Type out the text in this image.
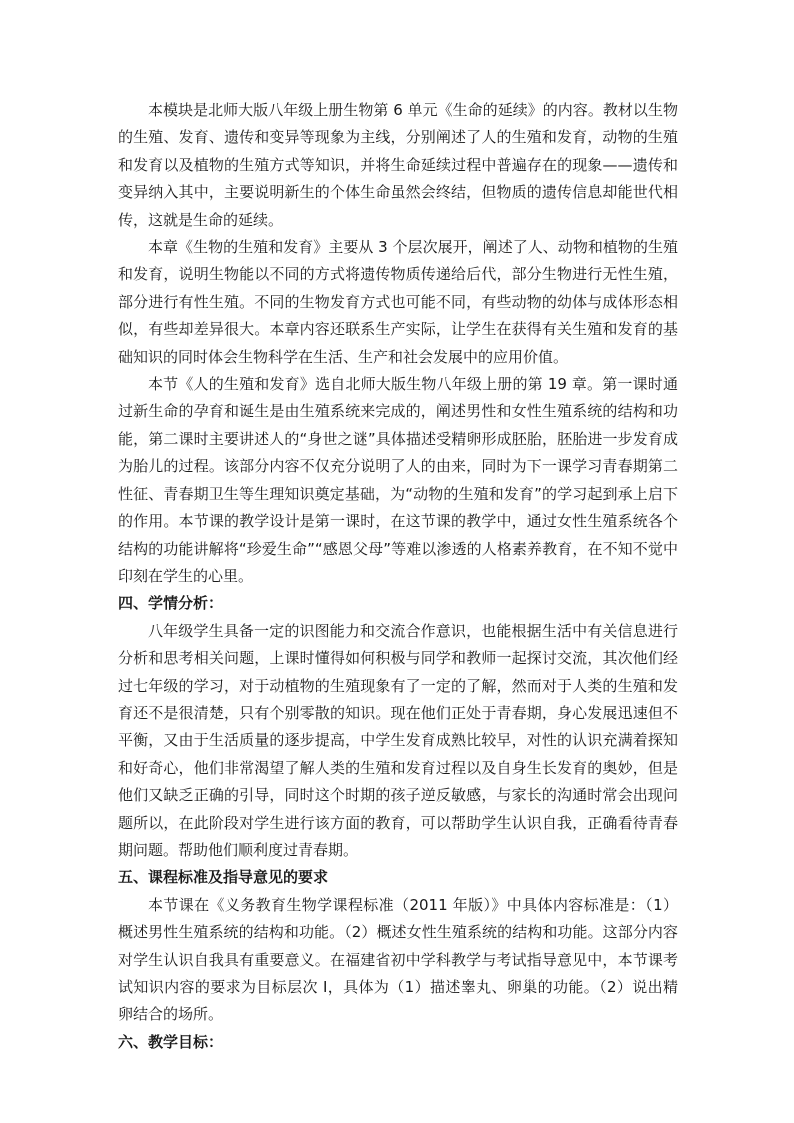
本模块是北师大版八年级上册生物第 6 单元《生命的延续》的内容。教材以生物的生殖、发育、遗传和变异等现象为主线，分别阐述了人的生殖和发育，动物的生殖和发育以及植物的生殖方式等知识，并将生命延续过程中普遍存在的现象——遗传和变异纳入其中，主要说明新生的个体生命虽然会终结，但物质的遗传信息却能世代相传，这就是生命的延续。

本章《生物的生殖和发育》主要从 3 个层次展开，阐述了人、动物和植物的生殖和发育，说明生物能以不同的方式将遗传物质传递给后代，部分生物进行无性生殖，部分进行有性生殖。不同的生物发育方式也可能不同，有些动物的幼体与成体形态相似，有些却差异很大。本章内容还联系生产实际，让学生在获得有关生殖和发育的基础知识的同时体会生物科学在生活、生产和社会发展中的应用价值。

本节《人的生殖和发育》选自北师大版生物八年级上册的第 19 章。第一课时通过新生命的孕育和诞生是由生殖系统来完成的，阐述男性和女性生殖系统的结构和功能，第二课时主要讲述人的“身世之谜”具体描述受精卵形成胚胎，胚胎进一步发育成为胎儿的过程。该部分内容不仅充分说明了人的由来，同时为下一课学习青春期第二性征、青春期卫生等生理知识奠定基础，为“动物的生殖和发育”的学习起到承上启下的作用。本节课的教学设计是第一课时，在这节课的教学中，通过女性生殖系统各个结构的功能讲解将“珍爱生命”“感恩父母”等难以渗透的人格素养教育，在不知不觉中印刻在学生的心里。

四、学情分析：

八年级学生具备一定的识图能力和交流合作意识，也能根据生活中有关信息进行分析和思考相关问题，上课时懂得如何积极与同学和教师一起探讨交流，其次他们经过七年级的学习，对于动植物的生殖现象有了一定的了解，然而对于人类的生殖和发育还不是很清楚，只有个别零散的知识。现在他们正处于青春期，身心发展迅速但不平衡，又由于生活质量的逐步提高，中学生发育成熟比较早，对性的认识充满着探知和好奇心，他们非常渴望了解人类的生殖和发育过程以及自身生长发育的奥妙，但是他们又缺乏正确的引导，同时这个时期的孩子逆反敏感，与家长的沟通时常会出现问题所以，在此阶段对学生进行该方面的教育，可以帮助学生认识自我，正确看待青春期问题。帮助他们顺利度过青春期。

五、课程标准及指导意见的要求

本节课在《义务教育生物学课程标准（2011 年版）》中具体内容标准是：（1）概述男性生殖系统的结构和功能。（2）概述女性生殖系统的结构和功能。这部分内容对学生认识自我具有重要意义。在福建省初中学科教学与考试指导意见中，本节课考试知识内容的要求为目标层次 I，具体为（1）描述睾丸、卵巢的功能。（2）说出精卵结合的场所。

六、教学目标：
